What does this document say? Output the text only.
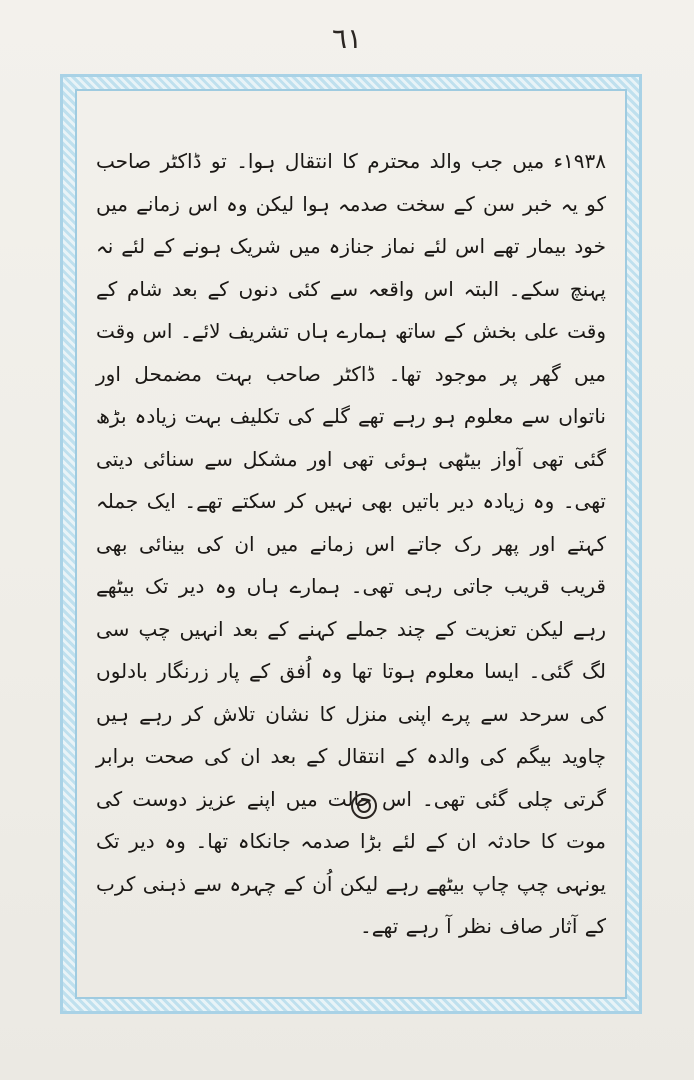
٦١

۱۹۳۸ء میں جب والد محترم کا انتقال ہوا۔ تو ڈاکٹر صاحب کو یہ خبر سن کے سخت صدمہ ہوا لیکن وہ اس زمانے میں خود بیمار تھے اس لئے نماز جنازہ میں شریک ہونے کے لئے نہ پہنچ سکے۔ البتہ اس واقعہ سے کئی دنوں کے بعد شام کے وقت علی بخش کے ساتھ ہمارے ہاں تشریف لائے۔ اس وقت میں گھر پر موجود تھا۔ ڈاکٹر صاحب بہت مضمحل اور ناتواں سے معلوم ہو رہے تھے گلے کی تکلیف بہت زیادہ بڑھ گئی تھی آواز بیٹھی ہوئی تھی اور مشکل سے سنائی دیتی تھی۔ وہ زیادہ دیر باتیں بھی نہیں کر سکتے تھے۔ ایک جملہ کہتے اور پھر رک جاتے اس زمانے میں ان کی بینائی بھی قریب قریب جاتی رہی تھی۔ ہمارے ہاں وہ دیر تک بیٹھے رہے لیکن تعزیت کے چند جملے کہنے کے بعد انہیں چپ سی لگ گئی۔ ایسا معلوم ہوتا تھا وہ اُفق کے پار زرنگار بادلوں کی سرحد سے پرے اپنی منزل کا نشان تلاش کر رہے ہیں چاوید بیگم کی والدہ کے انتقال کے بعد ان کی صحت برابر گرتی چلی گئی تھی۔ اس حالت میں اپنے عزیز دوست کی موت کا حادثہ ان کے لئے بڑا صدمہ جانکاہ تھا۔ وہ دیر تک یونہی چپ چاپ بیٹھے رہے لیکن اُن کے چہرہ سے ذہنی کرب کے آثار صاف نظر آ رہے تھے۔
